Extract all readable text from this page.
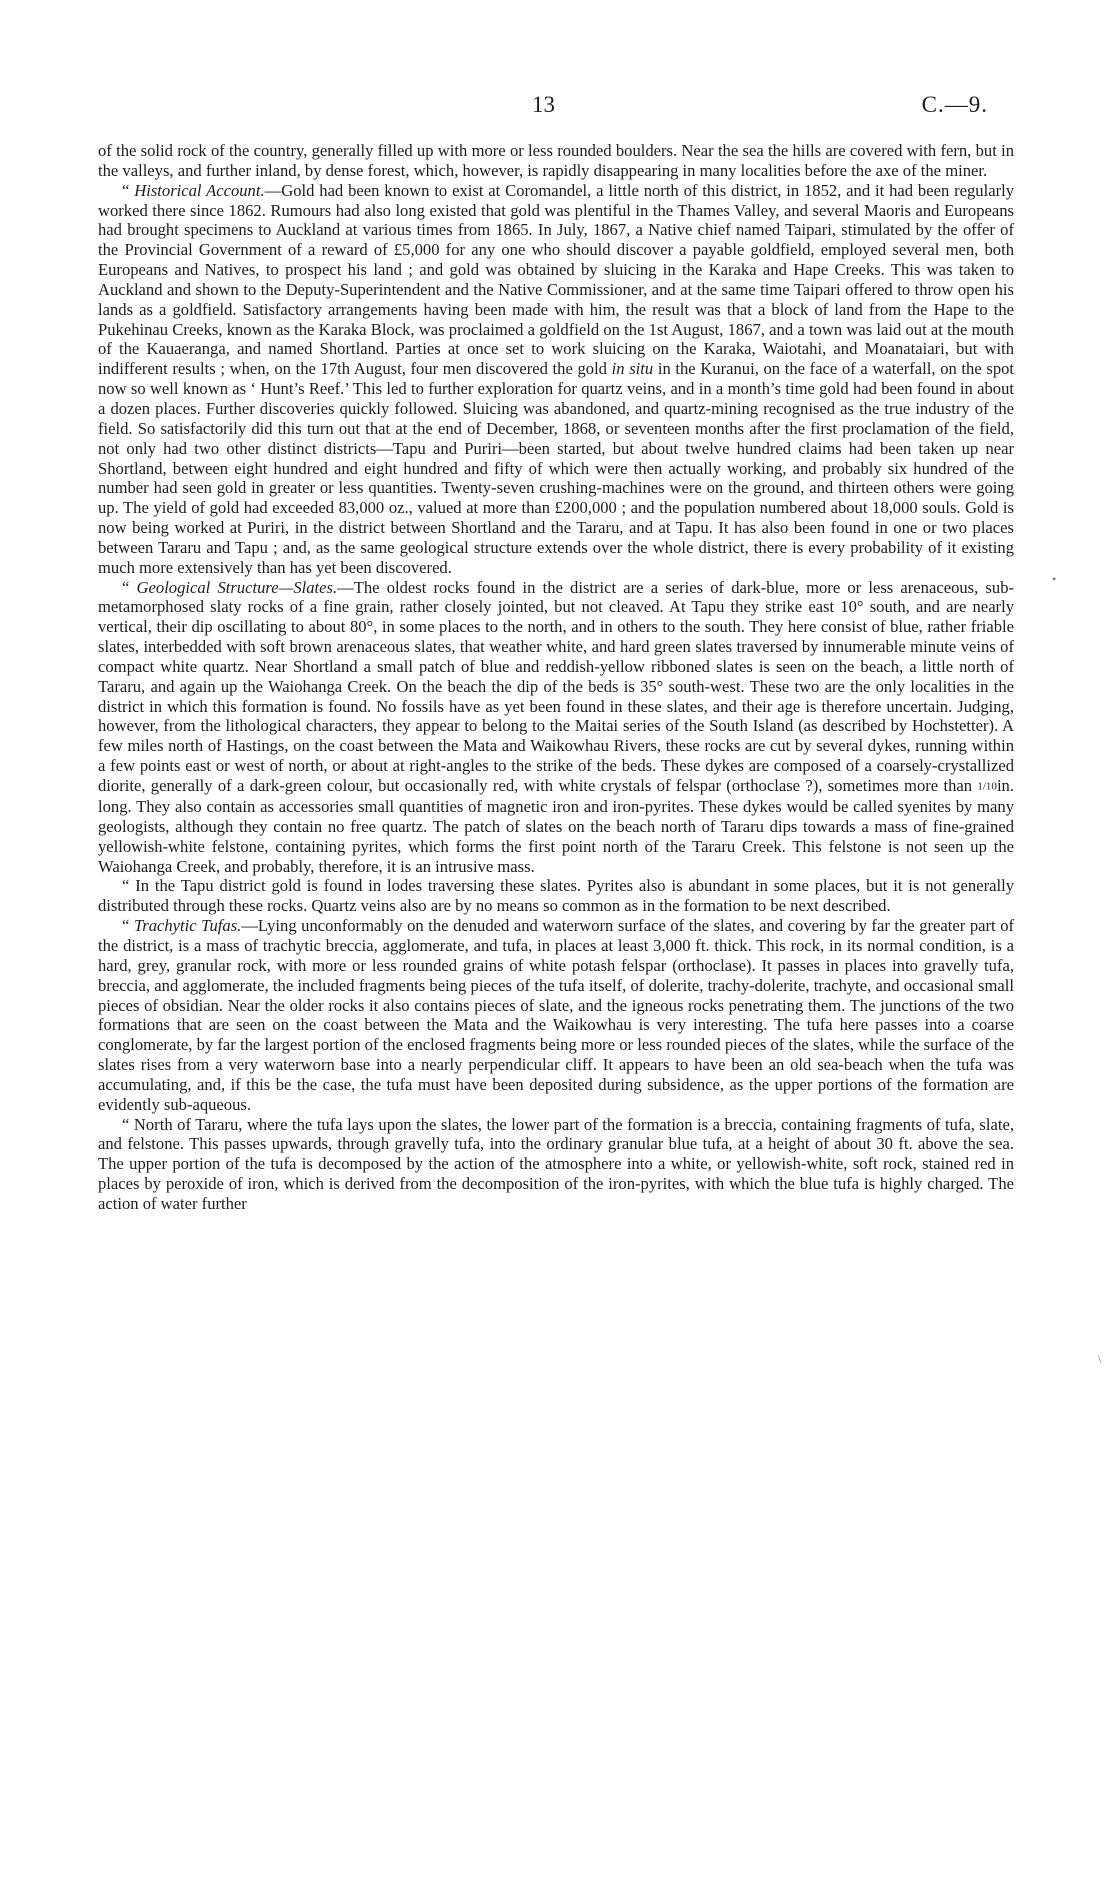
13	C.—9.

of the solid rock of the country, generally filled up with more or less rounded boulders. Near the sea the hills are covered with fern, but in the valleys, and further inland, by dense forest, which, however, is rapidly disappearing in many localities before the axe of the miner.

“ Historical Account.—Gold had been known to exist at Coromandel, a little north of this district, in 1852, and it had been regularly worked there since 1862. Rumours had also long existed that gold was plentiful in the Thames Valley, and several Maoris and Europeans had brought specimens to Auckland at various times from 1865. In July, 1867, a Native chief named Taipari, stimulated by the offer of the Provincial Government of a reward of £5,000 for any one who should discover a payable goldfield, employed several men, both Europeans and Natives, to prospect his land ; and gold was obtained by sluicing in the Karaka and Hape Creeks. This was taken to Auckland and shown to the Deputy-Superintendent and the Native Commissioner, and at the same time Taipari offered to throw open his lands as a goldfield. Satisfactory arrangements having been made with him, the result was that a block of land from the Hape to the Pukehinau Creeks, known as the Karaka Block, was proclaimed a goldfield on the 1st August, 1867, and a town was laid out at the mouth of the Kauaeranga, and named Shortland. Parties at once set to work sluicing on the Karaka, Waiotahi, and Moanataiari, but with indifferent results ; when, on the 17th August, four men discovered the gold in situ in the Kuranui, on the face of a waterfall, on the spot now so well known as ‘ Hunt’s Reef.’ This led to further exploration for quartz veins, and in a month’s time gold had been found in about a dozen places. Further discoveries quickly followed. Sluicing was abandoned, and quartz-mining recognised as the true industry of the field. So satisfactorily did this turn out that at the end of December, 1868, or seventeen months after the first proclamation of the field, not only had two other distinct districts—Tapu and Puriri—been started, but about twelve hundred claims had been taken up near Shortland, between eight hundred and eight hundred and fifty of which were then actually working, and probably six hundred of the number had seen gold in greater or less quantities. Twenty-seven crushing-machines were on the ground, and thirteen others were going up. The yield of gold had exceeded 83,000 oz., valued at more than £200,000 ; and the population numbered about 18,000 souls. Gold is now being worked at Puriri, in the district between Shortland and the Tararu, and at Tapu. It has also been found in one or two places between Tararu and Tapu ; and, as the same geological structure extends over the whole district, there is every probability of it existing much more extensively than has yet been discovered.

“ Geological Structure—Slates.—The oldest rocks found in the district are a series of dark-blue, more or less arenaceous, sub-metamorphosed slaty rocks of a fine grain, rather closely jointed, but not cleaved. At Tapu they strike east 10° south, and are nearly vertical, their dip oscillating to about 80°, in some places to the north, and in others to the south. They here consist of blue, rather friable slates, interbedded with soft brown arenaceous slates, that weather white, and hard green slates traversed by innumerable minute veins of compact white quartz. Near Shortland a small patch of blue and reddish-yellow ribboned slates is seen on the beach, a little north of Tararu, and again up the Waiohanga Creek. On the beach the dip of the beds is 35° south-west. These two are the only localities in the district in which this formation is found. No fossils have as yet been found in these slates, and their age is therefore uncertain. Judging, however, from the lithological characters, they appear to belong to the Maitai series of the South Island (as described by Hochstetter). A few miles north of Hastings, on the coast between the Mata and Waikowhau Rivers, these rocks are cut by several dykes, running within a few points east or west of north, or about at right-angles to the strike of the beds. These dykes are composed of a coarsely-crystallized diorite, generally of a dark-green colour, but occasionally red, with white crystals of felspar (orthoclase ?), sometimes more than 1/10in. long. They also contain as accessories small quantities of magnetic iron and iron-pyrites. These dykes would be called syenites by many geologists, although they contain no free quartz. The patch of slates on the beach north of Tararu dips towards a mass of fine-grained yellowish-white felstone, containing pyrites, which forms the first point north of the Tararu Creek. This felstone is not seen up the Waiohanga Creek, and probably, therefore, it is an intrusive mass.

“ In the Tapu district gold is found in lodes traversing these slates. Pyrites also is abundant in some places, but it is not generally distributed through these rocks. Quartz veins also are by no means so common as in the formation to be next described.

“ Trachytic Tufas.—Lying unconformably on the denuded and waterworn surface of the slates, and covering by far the greater part of the district, is a mass of trachytic breccia, agglomerate, and tufa, in places at least 3,000 ft. thick. This rock, in its normal condition, is a hard, grey, granular rock, with more or less rounded grains of white potash felspar (orthoclase). It passes in places into gravelly tufa, breccia, and agglomerate, the included fragments being pieces of the tufa itself, of dolerite, trachy-dolerite, trachyte, and occasional small pieces of obsidian. Near the older rocks it also contains pieces of slate, and the igneous rocks penetrating them. The junctions of the two formations that are seen on the coast between the Mata and the Waikowhau is very interesting. The tufa here passes into a coarse conglomerate, by far the largest portion of the enclosed fragments being more or less rounded pieces of the slates, while the surface of the slates rises from a very waterworn base into a nearly perpendicular cliff. It appears to have been an old sea-beach when the tufa was accumulating, and, if this be the case, the tufa must have been deposited during subsidence, as the upper portions of the formation are evidently sub-aqueous.

“ North of Tararu, where the tufa lays upon the slates, the lower part of the formation is a breccia, containing fragments of tufa, slate, and felstone. This passes upwards, through gravelly tufa, into the ordinary granular blue tufa, at a height of about 30 ft. above the sea. The upper portion of the tufa is decomposed by the action of the atmosphere into a white, or yellowish-white, soft rock, stained red in places by peroxide of iron, which is derived from the decomposition of the iron-pyrites, with which the blue tufa is highly charged. The action of water further

•
\
